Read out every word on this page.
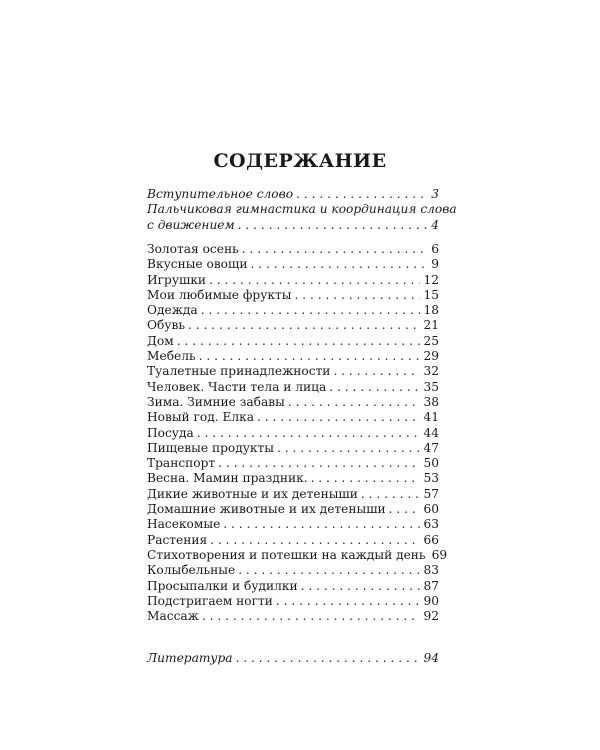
СОДЕРЖАНИЕ
Вступительное слово . . .	3
Пальчиковая гимнастика и координация слова
с движением . . .	4
Золотая осень . . .	6
Вкусные овощи . . .	9
Игрушки . . .	12
Мои любимые фрукты . . .	15
Одежда . . .	18
Обувь . . .	21
Дом . . .	25
Мебель . . .	29
Туалетные принадлежности . . .	32
Человек. Части тела и лица . . .	35
Зима. Зимние забавы . . .	38
Новый год. Елка . . .	41
Посуда . . .	44
Пищевые продукты . . .	47
Транспорт . . .	50
Весна. Мамин праздник. . . .	53
Дикие животные и их детеныши . . .	57
Домашние животные и их детеныши . . .	60
Насекомые . . .	63
Растения . . .	66
Стихотворения и потешки на каждый день 69
Колыбельные . . .	83
Просыпалки и будилки . . .	87
Подстригаем ногти . . .	90
Массаж . . .	92
Литература . . .	94
